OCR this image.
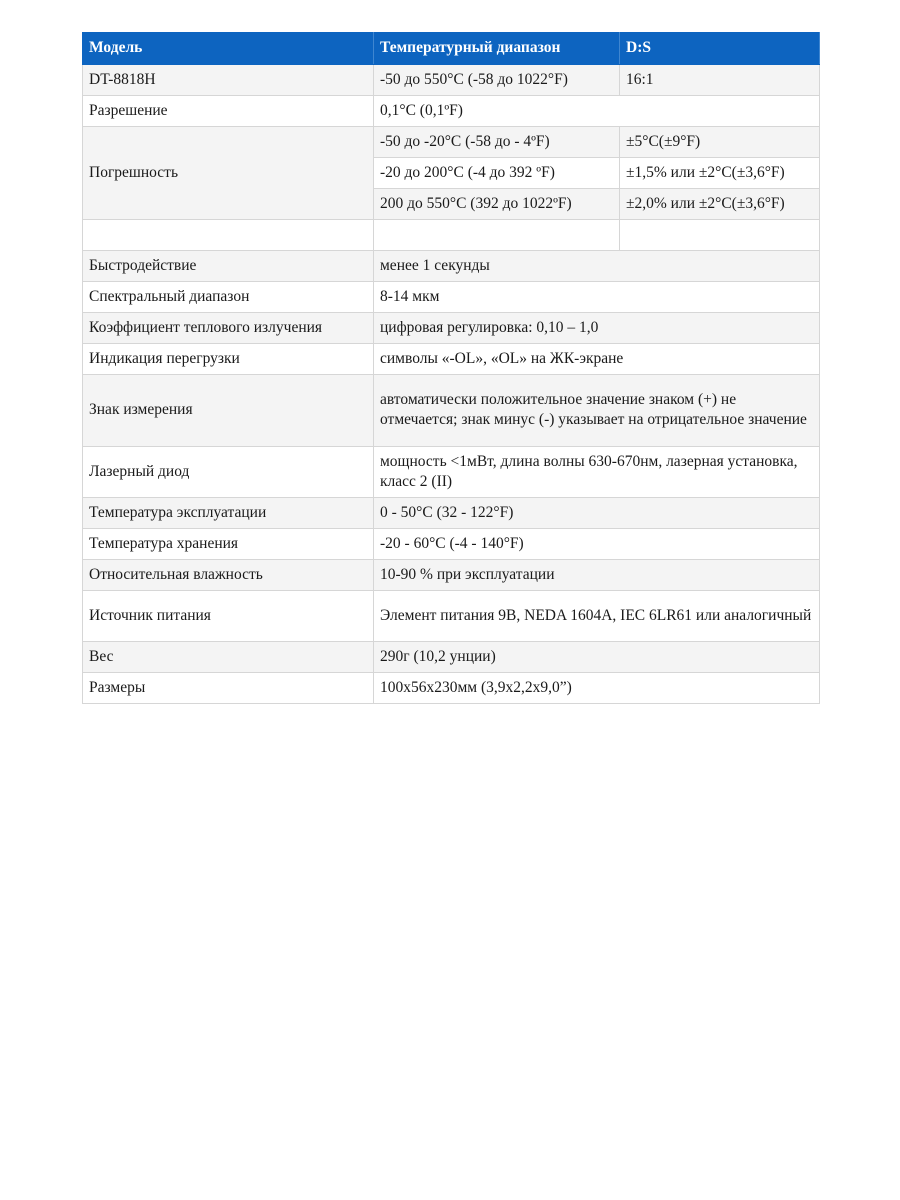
Модель	Температурный диапазон	D:S
DT-8818H	-50 до 550°C (-58 до 1022°F)	16:1
Разрешение	0,1°C (0,1ºF)	
Погрешность	-50 до -20°C (-58 до - 4ºF)	±5°C(±9°F)
	-20 до 200°C (-4 до 392 ºF)	±1,5% или ±2°C(±3,6°F)
	200 до 550°C (392 до 1022ºF)	±2,0% или ±2°C(±3,6°F)

Быстродействие	менее 1 секунды	
Спектральный диапазон	8-14 мкм	
Коэффициент теплового излучения	цифровая регулировка: 0,10 – 1,0	
Индикация перегрузки	символы «-OL», «OL» на ЖК-экране	
Знак измерения	автоматически положительное значение знаком (+) не отмечается; знак минус (-) указывает на отрицательное значение	
Лазерный диод	мощность <1мВт, длина волны 630-670нм, лазерная установка, класс 2 (II)	
Температура эксплуатации	0 - 50°C (32 - 122°F)	
Температура хранения	-20 - 60°C (-4 - 140°F)	
Относительная влажность	10-90 % при эксплуатации	
Источник питания	Элемент питания 9В, NEDA 1604A, IEC 6LR61 или аналогичный	
Вес	290г (10,2 унции)	
Размеры	100x56x230мм (3,9x2,2x9,0”)	
